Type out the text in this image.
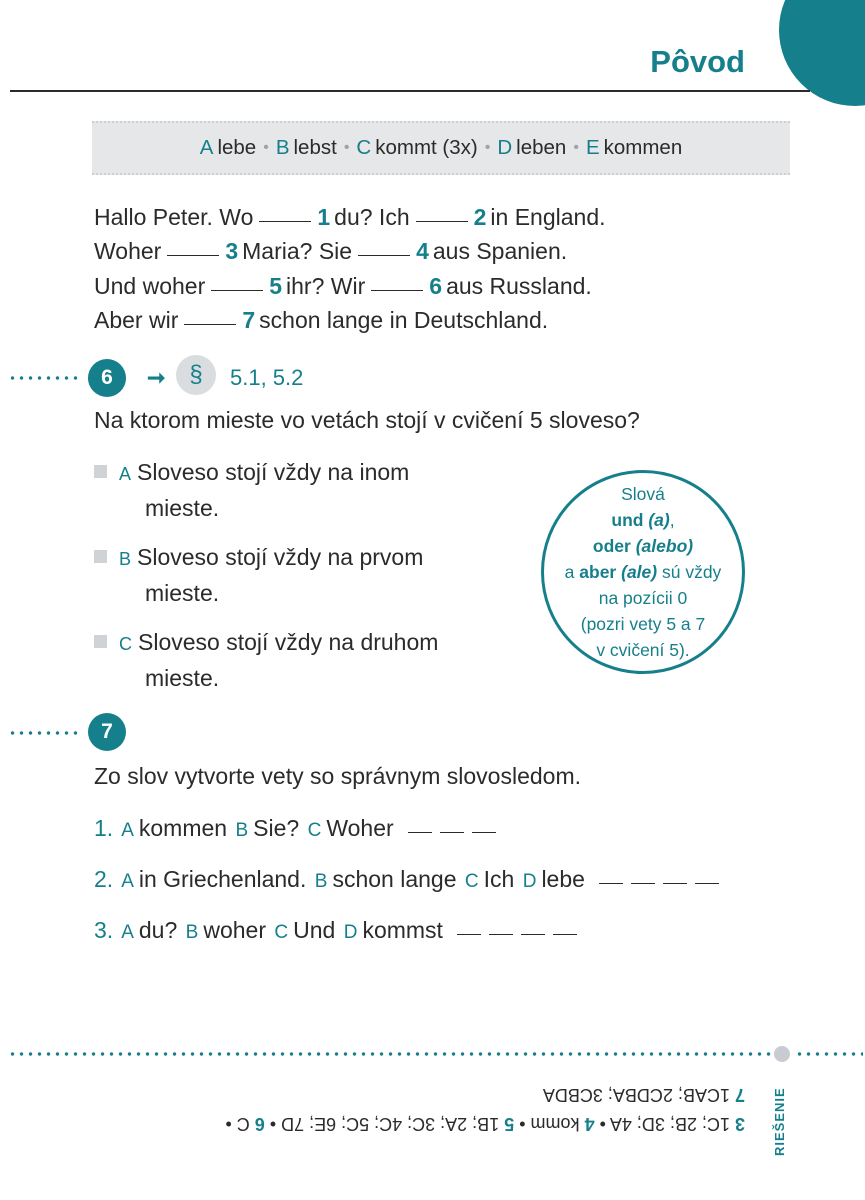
Pôvod
A lebe • B lebst • C kommt (3x) • D leben • E kommen
Hallo Peter. Wo	1 du? Ich	2 in England.
Woher	3 Maria? Sie	4 aus Spanien.
Und woher	5 ihr? Wir	6 aus Russland.
Aber wir	7 schon lange in Deutschland.
6	➞ §	5.1, 5.2
Na ktorom mieste vo vetách stojí v cvičení 5 sloveso?
A Sloveso stojí vždy na inom
mieste.
B Sloveso stojí vždy na prvom
mieste.
C Sloveso stojí vždy na druhom
mieste.
Slová
und (a),
oder (alebo)
a aber (ale) sú vždy
na pozícii 0
(pozri vety 5 a 7
v cvičení 5).
7
Zo slov vytvorte vety so správnym slovosledom.
1. A kommen B Sie? C Woher
2. A in Griechenland. B schon lange C Ich D lebe
3. A du? B woher C Und D kommst
RIEŠENIE
3 1C; 2B; 3D; 4A • 4 komm • 5 1B; 2A; 3C; 4C; 5C; 6E; 7D • 6 C •
7 1CAB; 2CDBA; 3CBDA
